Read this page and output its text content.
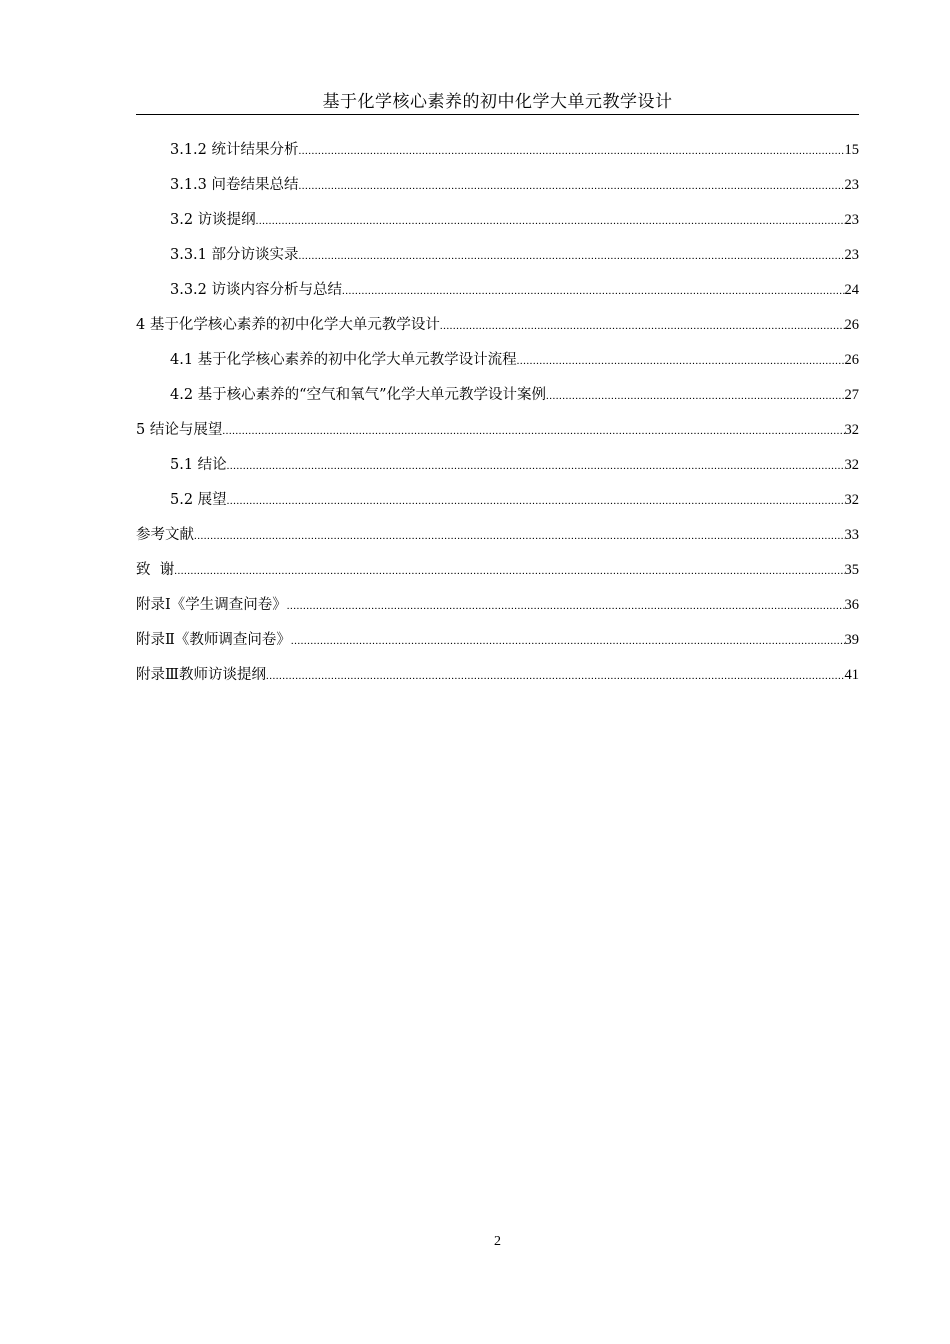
基于化学核心素养的初中化学大单元教学设计
3.1.2 统计结果分析 .....	15
3.1.3 问卷结果总结 .....	23
3.2 访谈提纲 .....	23
3.3.1 部分访谈实录 .....	23
3.3.2 访谈内容分析与总结 .....	24
4 基于化学核心素养的初中化学大单元教学设计 .....	26
4.1 基于化学核心素养的初中化学大单元教学设计流程 .....	26
4.2 基于核心素养的“空气和氧气”化学大单元教学设计案例 .....	27
5 结论与展望 .....	32
5.1 结论 .....	32
5.2 展望 .....	32
参考文献 .....	33
致  谢 .....	35
附录Ⅰ《学生调查问卷》 .....	36
附录Ⅱ《教师调查问卷》 .....	39
附录Ⅲ教师访谈提纲 .....	41
2
